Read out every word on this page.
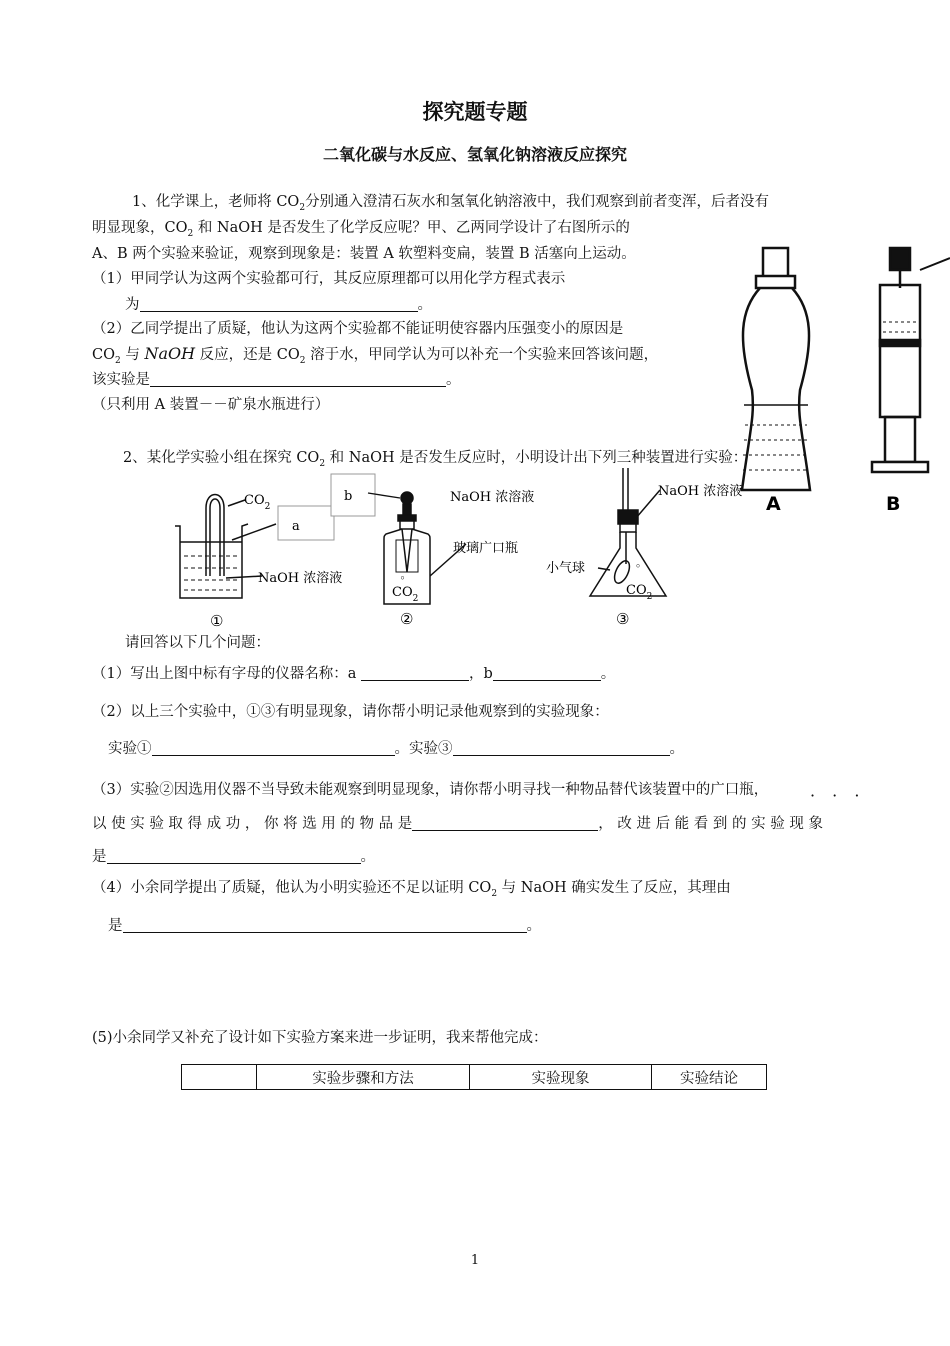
探究题专题
二氧化碳与水反应、氢氧化钠溶液反应探究
1、化学课上，老师将 $CO_2$分别通入澄清石灰水和氢氧化钠溶液中，我们观察到前者变浑，后者没有
明显现象，$CO_2$ 和 NaOH 是否发生了化学反应呢？甲、乙两同学设计了右图所示的
A、B 两个实验来验证，观察到现象是：装置 A 软塑料变扁，装置 B 活塞向上运动。
（1）甲同学认为这两个实验都可行，其反应原理都可以用化学方程式表示
为	。
（2）乙同学提出了质疑，他认为这两个实验都不能证明使容器内压强变小的原因是
$CO_2$ 与 NaOH 反应，还是 $CO_2$ 溶于水，甲同学认为可以补充一个实验来回答该问题，
该实验是	。
（只利用 A 装置－－矿泉水瓶进行）
A	B
2、某化学实验小组在探究 $CO_2$ 和 NaOH 是否发生反应时，小明设计出下列三种装置进行实验：
a
b
$CO_2$
NaOH 浓溶液	。
NaOH 浓溶液
玻璃广口瓶
$CO_2$
。
NaOH 浓溶液
小气球
$CO_2$
①	②	③
请回答以下几个问题：
（1）写出上图中标有字母的仪器名称：a	，b	。
（2）以上三个实验中，①③有明显现象，请你帮小明记录他观察到的实验现象：
实验①	。实验③	。
（3）实验②因选用仪器不当导致未能观察到明显现象，请你帮小明寻找一种物品替代该装置中的广口瓶，	· · ·
以 使 实 验 取 得 成 功 ， 你 将 选 用 的 物 品 是	， 改 进 后 能 看 到 的 实 验 现 象
是	。
（4）小余同学提出了质疑，他认为小明实验还不足以证明 $CO_2$ 与 NaOH 确实发生了反应，其理由
是	。
(5)小余同学又补充了设计如下实验方案来进一步证明，我来帮他完成：
	实验步骤和方法	实验现象	实验结论
1
